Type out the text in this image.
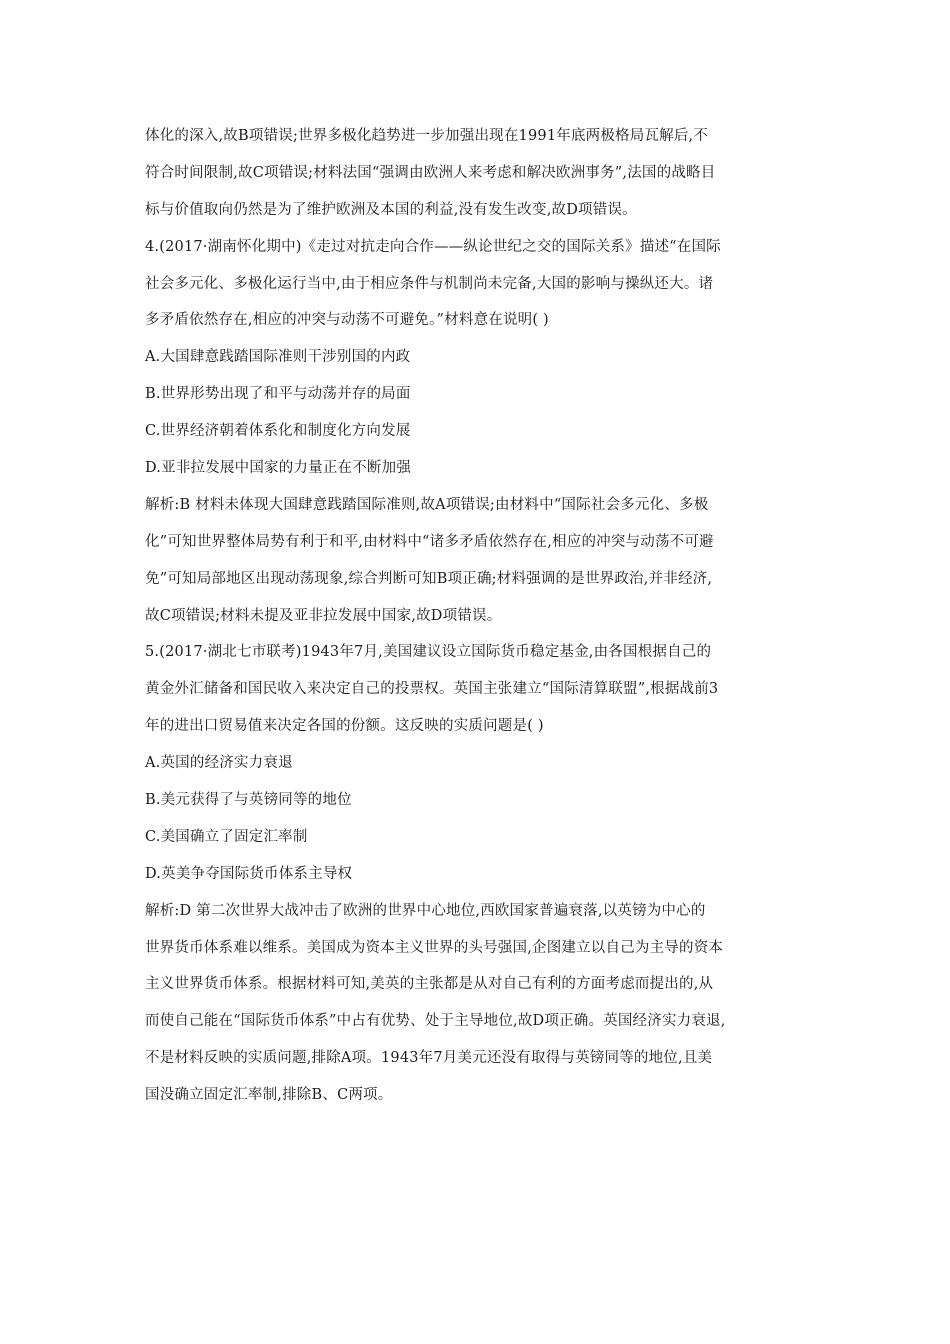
体化的深入,故B项错误;世界多极化趋势进一步加强出现在1991年底两极格局瓦解后,不
符合时间限制,故C项错误;材料法国“强调由欧洲人来考虑和解决欧洲事务”,法国的战略目
标与价值取向仍然是为了维护欧洲及本国的利益,没有发生改变,故D项错误。
4.(2017·湖南怀化期中)《走过对抗走向合作——纵论世纪之交的国际关系》描述“在国际
社会多元化、多极化运行当中,由于相应条件与机制尚未完备,大国的影响与操纵还大。诸
多矛盾依然存在,相应的冲突与动荡不可避免。”材料意在说明( )
A.大国肆意践踏国际准则干涉别国的内政
B.世界形势出现了和平与动荡并存的局面
C.世界经济朝着体系化和制度化方向发展
D.亚非拉发展中国家的力量正在不断加强
解析:B 材料未体现大国肆意践踏国际准则,故A项错误;由材料中“国际社会多元化、多极
化”可知世界整体局势有利于和平,由材料中“诸多矛盾依然存在,相应的冲突与动荡不可避
免”可知局部地区出现动荡现象,综合判断可知B项正确;材料强调的是世界政治,并非经济,
故C项错误;材料未提及亚非拉发展中国家,故D项错误。
5.(2017·湖北七市联考)1943年7月,美国建议设立国际货币稳定基金,由各国根据自己的
黄金外汇储备和国民收入来决定自己的投票权。英国主张建立“国际清算联盟”,根据战前3
年的进出口贸易值来决定各国的份额。这反映的实质问题是( )
A.英国的经济实力衰退
B.美元获得了与英镑同等的地位
C.美国确立了固定汇率制
D.英美争夺国际货币体系主导权
解析:D 第二次世界大战冲击了欧洲的世界中心地位,西欧国家普遍衰落,以英镑为中心的
世界货币体系难以维系。美国成为资本主义世界的头号强国,企图建立以自己为主导的资本
主义世界货币体系。根据材料可知,美英的主张都是从对自己有利的方面考虑而提出的,从
而使自己能在“国际货币体系”中占有优势、处于主导地位,故D项正确。英国经济实力衰退,
不是材料反映的实质问题,排除A项。1943年7月美元还没有取得与英镑同等的地位,且美
国没确立固定汇率制,排除B、C两项。
